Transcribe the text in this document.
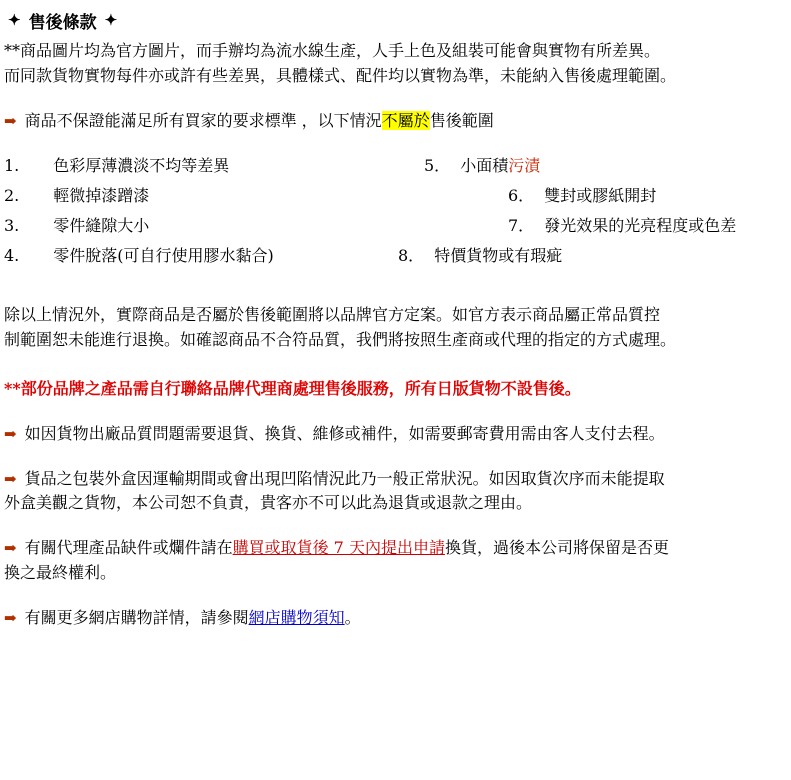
✦ 售後條款 ✦
**商品圖片均為官方圖片，而手辦均為流水線生產，人手上色及組裝可能會與實物有所差異。
而同款貨物實物每件亦或許有些差異，具體樣式、配件均以實物為準，未能納入售後處理範圍。
➡ 商品不保證能滿足所有買家的要求標準 ，以下情況不屬於售後範圍
1. 色彩厚薄濃淡不均等差異
2. 輕微掉漆蹭漆
3. 零件縫隙大小
4. 零件脫落(可自行使用膠水黏合)
5． 小面積污漬
6． 雙封或膠紙開封
7． 發光效果的光亮程度或色差
8． 特價貨物或有瑕疵
除以上情況外，實際商品是否屬於售後範圍將以品牌官方定案。如官方表示商品屬正常品質控
制範圍恕未能進行退換。如確認商品不合符品質，我們將按照生產商或代理的指定的方式處理。
**部份品牌之產品需自行聯絡品牌代理商處理售後服務，所有日版貨物不設售後。
➡ 如因貨物出廠品質問題需要退貨、換貨、維修或補件，如需要郵寄費用需由客人支付去程。
➡ 貨品之包裝外盒因運輸期間或會出現凹陷情況此乃一般正常狀況。如因取貨次序而未能提取
外盒美觀之貨物，本公司恕不負責，貴客亦不可以此為退貨或退款之理由。
➡ 有關代理產品缺件或爛件請在購買或取貨後 7 天內提出申請換貨，過後本公司將保留是否更
換之最終權利。
➡ 有關更多網店購物詳情，請參閱網店購物須知。
